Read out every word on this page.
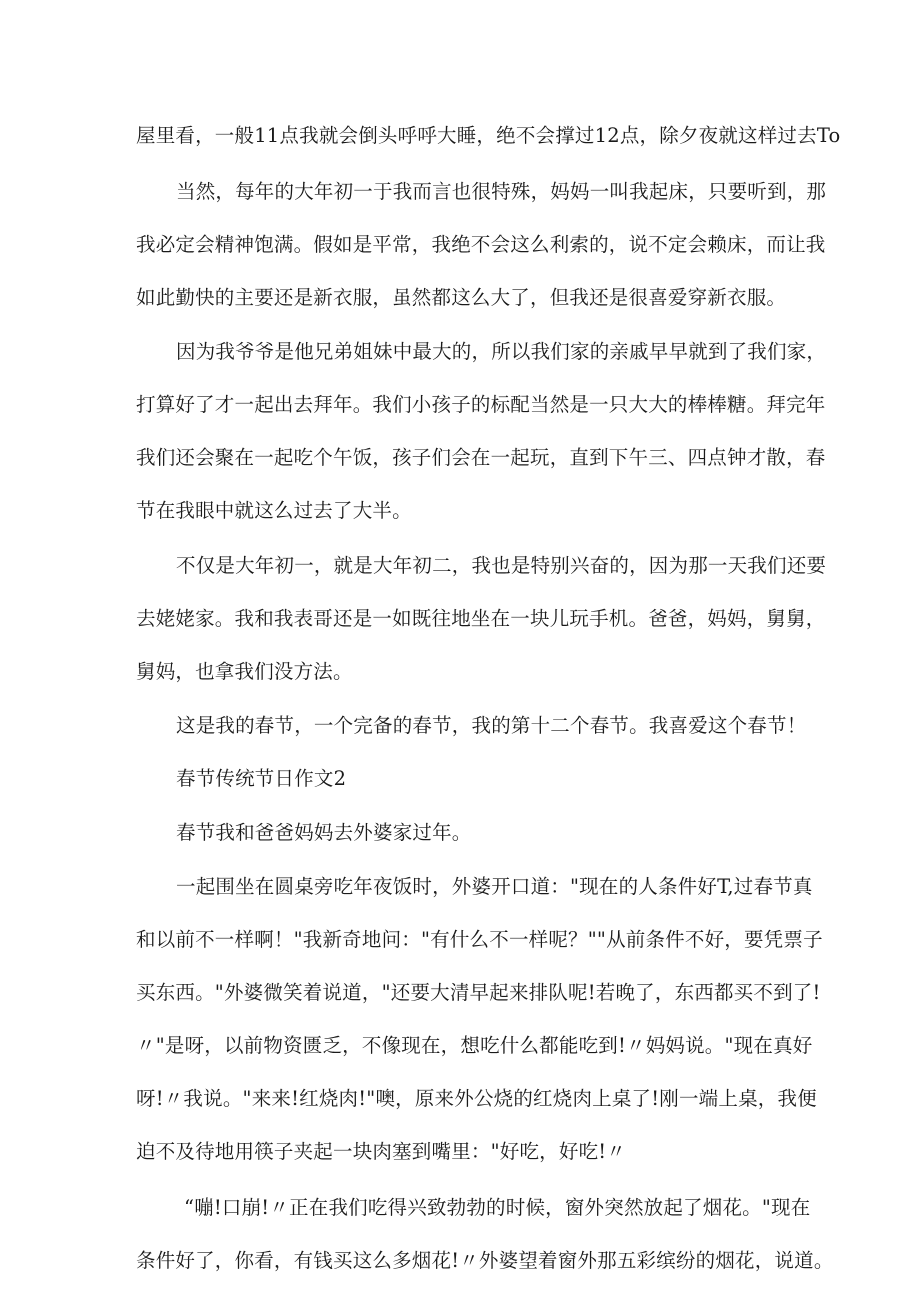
屋里看，一般11点我就会倒头呼呼大睡，绝不会撑过12点，除夕夜就这样过去To
当然，每年的大年初一于我而言也很特殊，妈妈一叫我起床，只要听到，那
我必定会精神饱满。假如是平常，我绝不会这么利索的，说不定会赖床，而让我
如此勤快的主要还是新衣服，虽然都这么大了，但我还是很喜爱穿新衣服。
因为我爷爷是他兄弟姐妹中最大的，所以我们家的亲戚早早就到了我们家，
打算好了才一起出去拜年。我们小孩子的标配当然是一只大大的棒棒糖。拜完年
我们还会聚在一起吃个午饭，孩子们会在一起玩，直到下午三、四点钟才散，春
节在我眼中就这么过去了大半。
不仅是大年初一，就是大年初二，我也是特别兴奋的，因为那一天我们还要
去姥姥家。我和我表哥还是一如既往地坐在一块儿玩手机。爸爸，妈妈，舅舅，
舅妈，也拿我们没方法。
这是我的春节，一个完备的春节，我的第十二个春节。我喜爱这个春节！
春节传统节日作文2
春节我和爸爸妈妈去外婆家过年。
一起围坐在圆桌旁吃年夜饭时，外婆开口道："现在的人条件好T,过春节真
和以前不一样啊！"我新奇地问："有什么不一样呢？""从前条件不好，要凭票子
买东西。"外婆微笑着说道，"还要大清早起来排队呢!若晚了，东西都买不到了!
〃"是呀，以前物资匮乏，不像现在，想吃什么都能吃到!〃妈妈说。"现在真好
呀!〃我说。"来来!红烧肉!"噢，原来外公烧的红烧肉上桌了!刚一端上桌，我便
迫不及待地用筷子夹起一块肉塞到嘴里："好吃，好吃!〃
“嘣!口崩!〃正在我们吃得兴致勃勃的时候，窗外突然放起了烟花。"现在
条件好了，你看，有钱买这么多烟花!〃外婆望着窗外那五彩缤纷的烟花，说道。
